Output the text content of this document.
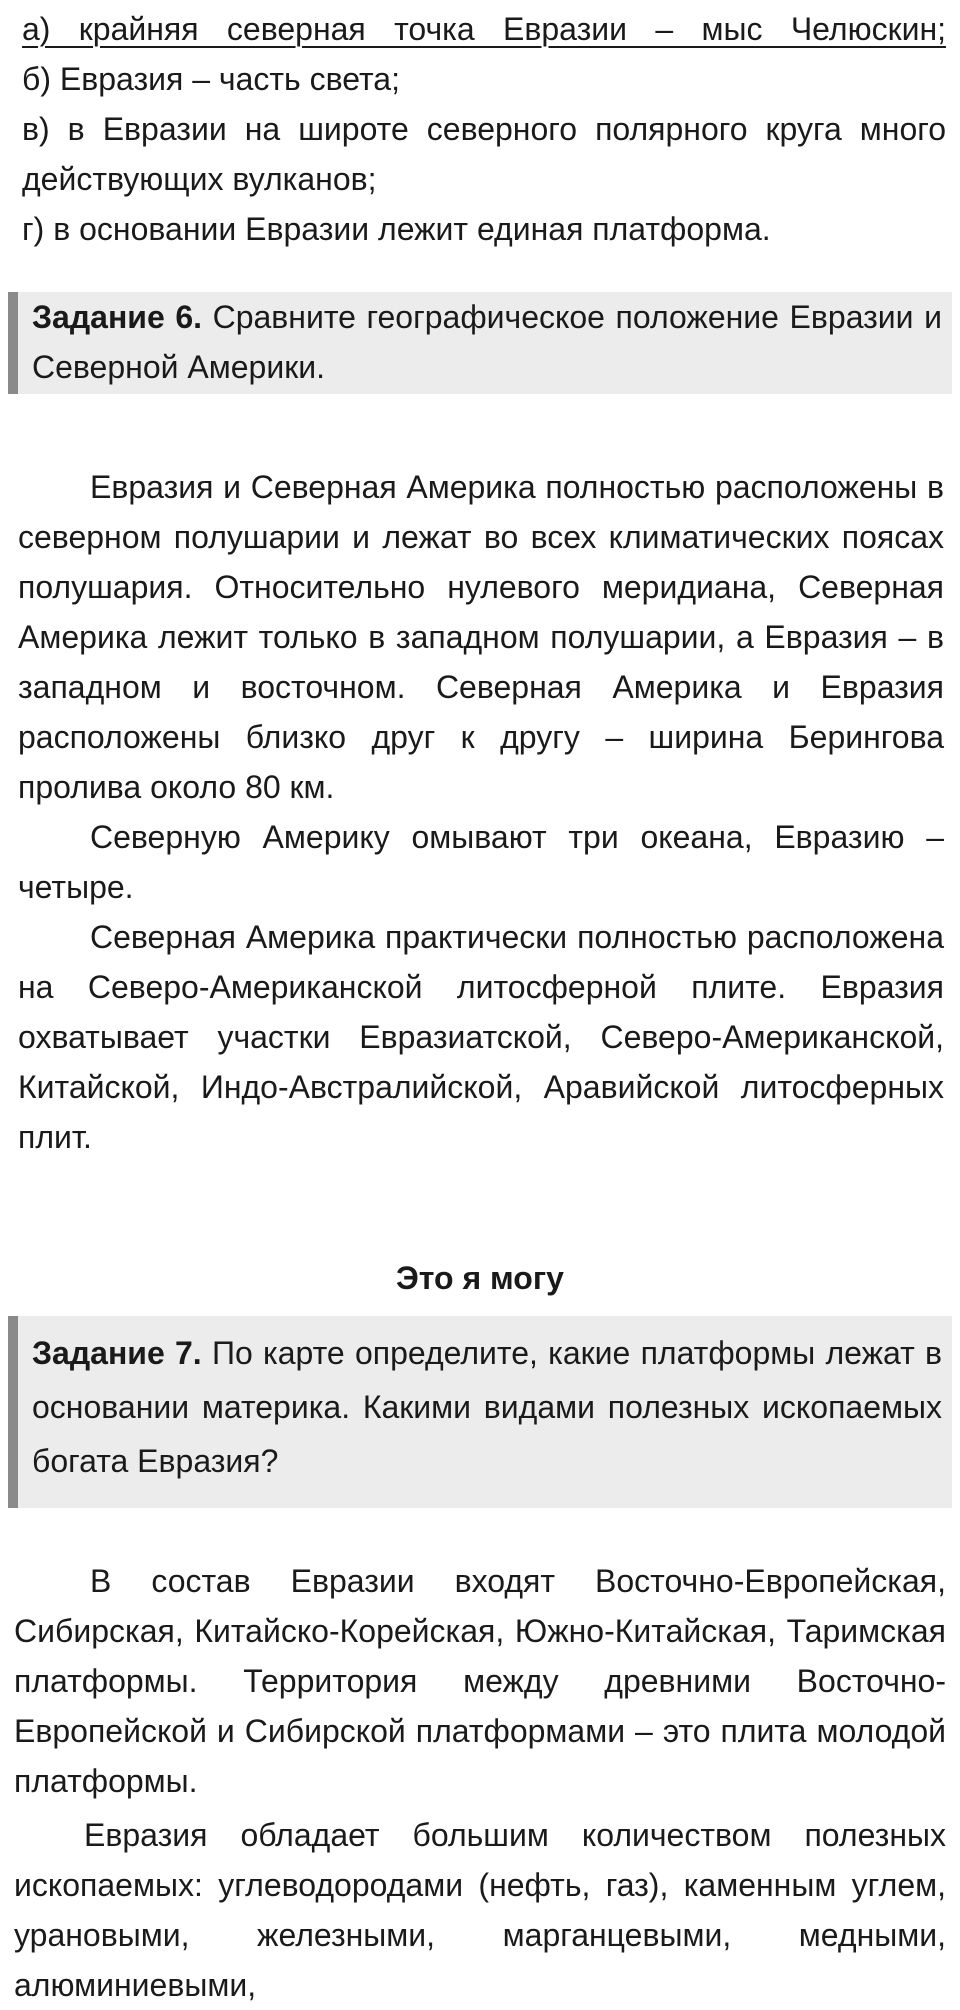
а) крайняя северная точка Евразии – мыс Челюскин;

б) Евразия – часть света;

в) в Евразии на широте северного полярного круга много действующих вулканов;

г) в основании Евразии лежит единая платформа.

Задание 6. Сравните географическое положение Евразии и Северной Америки.

Евразия и Северная Америка полностью расположены в северном полушарии и лежат во всех климатических поясах полушария. Относительно нулевого меридиана, Северная Америка лежит только в западном полушарии, а Евразия – в западном и восточном. Северная Америка и Евразия расположены близко друг к другу – ширина Берингова пролива около 80 км.

Северную Америку омывают три океана, Евразию – четыре.

Северная Америка практически полностью расположена на Северо-Американской литосферной плите. Евразия охватывает участки Евразиатской, Северо-Американской, Китайской, Индо-Австралийской, Аравийской литосферных плит.

Это я могу

Задание 7. По карте определите, какие платформы лежат в основании материка. Какими видами полезных ископаемых богата Евразия?

В состав Евразии входят Восточно-Европейская, Сибирская, Китайско-Корейская, Южно-Китайская, Таримская платформы. Территория между древними Восточно-Европейской и Сибирской платформами – это плита молодой платформы.

Евразия обладает большим количеством полезных ископаемых: углеводородами (нефть, газ), каменным углем, урановыми, железными, марганцевыми, медными, алюминиевыми,
